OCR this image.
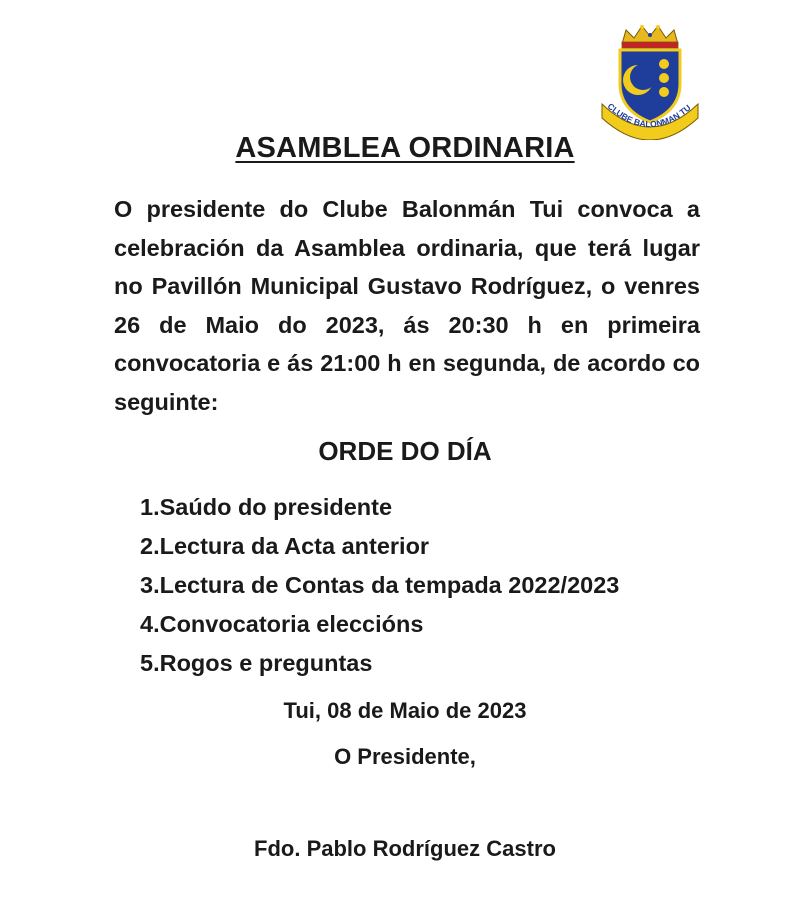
CLUBE BALONMAN TU
ASAMBLEA ORDINARIA

O presidente do Clube Balonmán Tui convoca a celebración da Asamblea ordinaria, que terá lugar no Pavillón Municipal Gustavo Rodríguez, o venres 26 de Maio do 2023, ás 20:30 h en primeira convocatoria e ás 21:00 h en segunda, de acordo co seguinte:

ORDE DO DÍA
1.Saúdo do presidente
2.Lectura da Acta anterior
3.Lectura de Contas da tempada 2022/2023
4.Convocatoria eleccións
5.Rogos e preguntas
Tui, 08 de Maio de 2023
O Presidente,
Fdo. Pablo Rodríguez Castro
